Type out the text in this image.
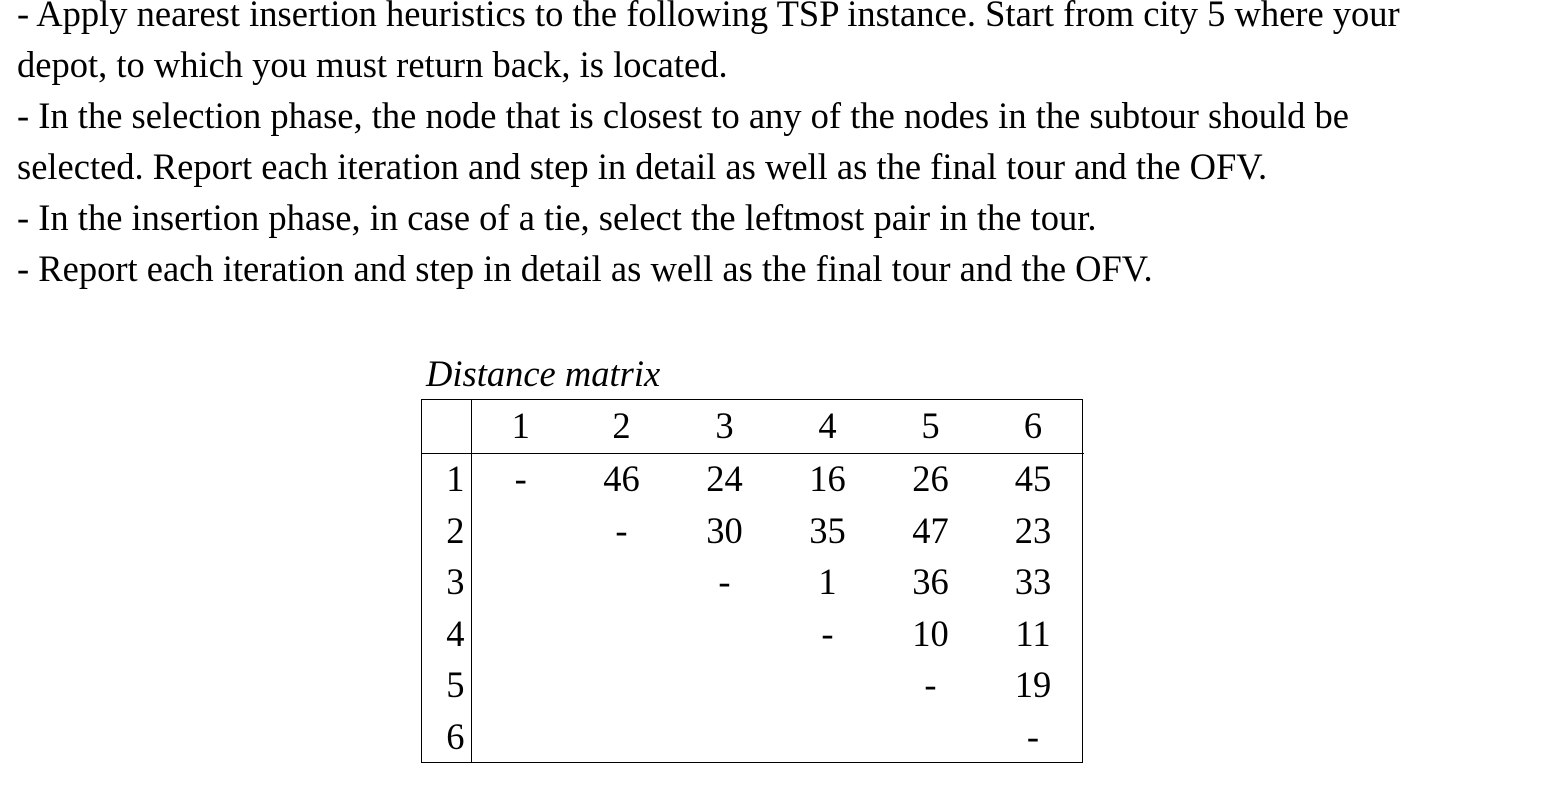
- Apply nearest insertion heuristics to the following TSP instance. Start from city 5 where your

depot, to which you must return back, is located.

- In the selection phase, the node that is closest to any of the nodes in the subtour should be

selected. Report each iteration and step in detail as well as the final tour and the OFV.

- In the insertion phase, in case of a tie, select the leftmost pair in the tour.

- Report each iteration and step in detail as well as the final tour and the OFV.

Distance matrix
	1	2	3	4	5	6
1	-	46	24	16	26	45
2		-	30	35	47	23
3			-	1	36	33
4				-	10	11
5					-	19
6						-
